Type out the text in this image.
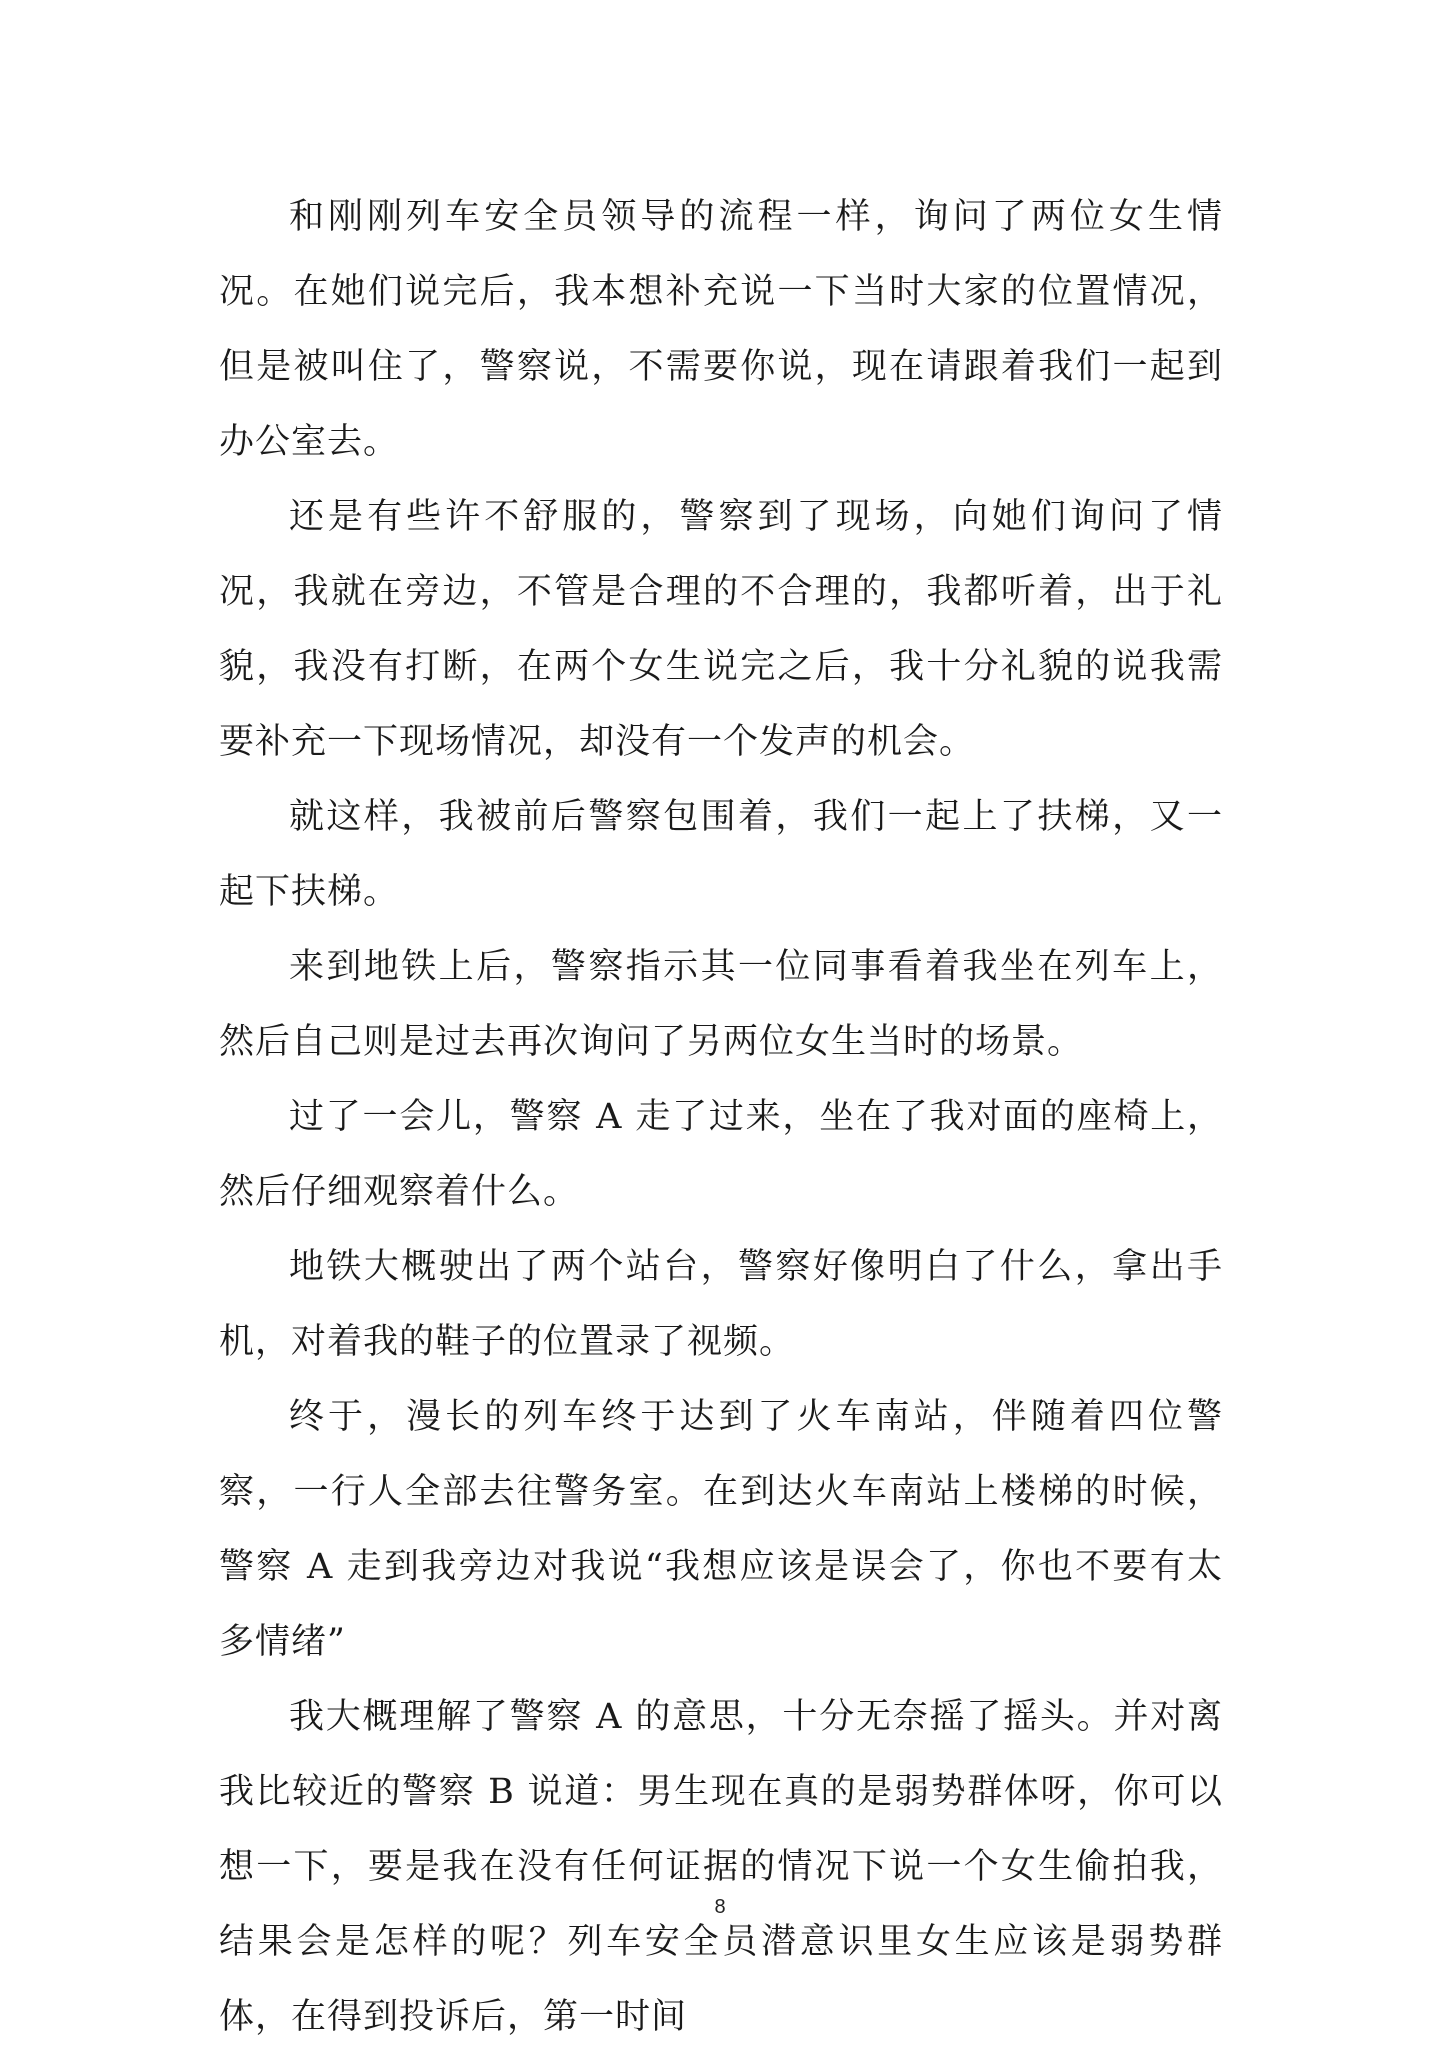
和刚刚列车安全员领导的流程一样，询问了两位女生情况。在她们说完后，我本想补充说一下当时大家的位置情况，但是被叫住了，警察说，不需要你说，现在请跟着我们一起到办公室去。

还是有些许不舒服的，警察到了现场，向她们询问了情况，我就在旁边，不管是合理的不合理的，我都听着，出于礼貌，我没有打断，在两个女生说完之后，我十分礼貌的说我需要补充一下现场情况，却没有一个发声的机会。

就这样，我被前后警察包围着，我们一起上了扶梯，又一起下扶梯。

来到地铁上后，警察指示其一位同事看着我坐在列车上，然后自己则是过去再次询问了另两位女生当时的场景。

过了一会儿，警察 A 走了过来，坐在了我对面的座椅上，然后仔细观察着什么。

地铁大概驶出了两个站台，警察好像明白了什么，拿出手机，对着我的鞋子的位置录了视频。

终于，漫长的列车终于达到了火车南站，伴随着四位警察，一行人全部去往警务室。在到达火车南站上楼梯的时候，警察 A 走到我旁边对我说“我想应该是误会了，你也不要有太多情绪”

我大概理解了警察 A 的意思，十分无奈摇了摇头。并对离我比较近的警察 B 说道：男生现在真的是弱势群体呀，你可以想一下，要是我在没有任何证据的情况下说一个女生偷拍我，结果会是怎样的呢？列车安全员潜意识里女生应该是弱势群体，在得到投诉后，第一时间

8
